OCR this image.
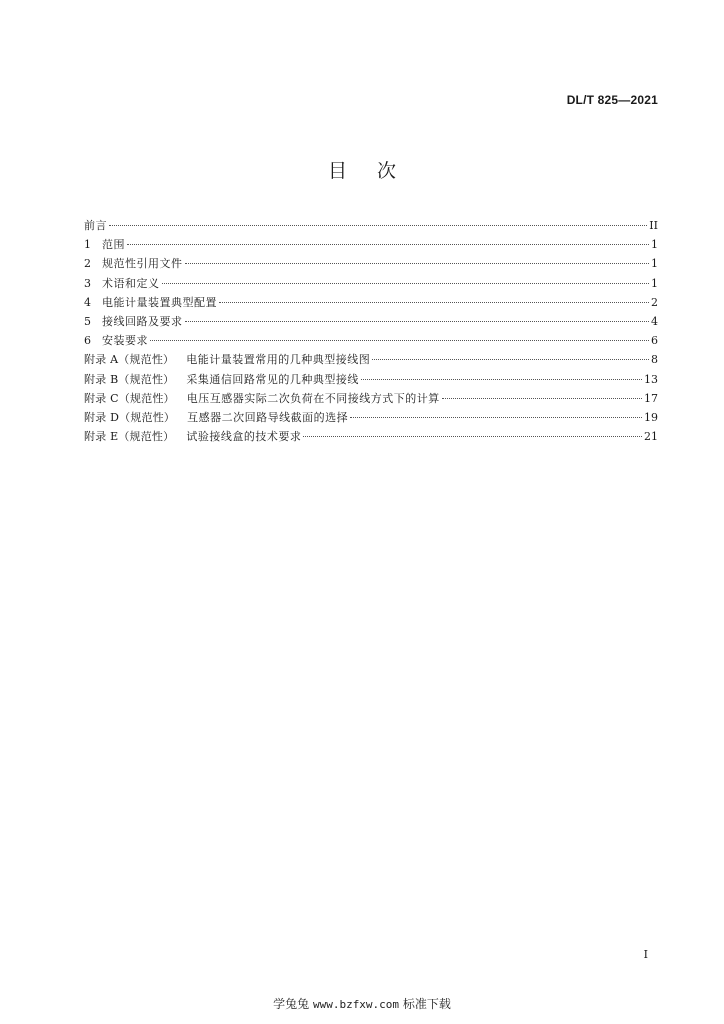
DL/T 825—2021
目次
前言	II
1	范围	1
2	规范性引用文件	1
3	术语和定义	1
4	电能计量装置典型配置	2
5	接线回路及要求	4
6	安装要求	6
附录 A（规范性） 电能计量装置常用的几种典型接线图	8
附录 B（规范性） 采集通信回路常见的几种典型接线	13
附录 C（规范性） 电压互感器实际二次负荷在不同接线方式下的计算	17
附录 D（规范性） 互感器二次回路导线截面的选择	19
附录 E（规范性） 试验接线盒的技术要求	21
I
学兔兔 www.bzfxw.com 标准下载
